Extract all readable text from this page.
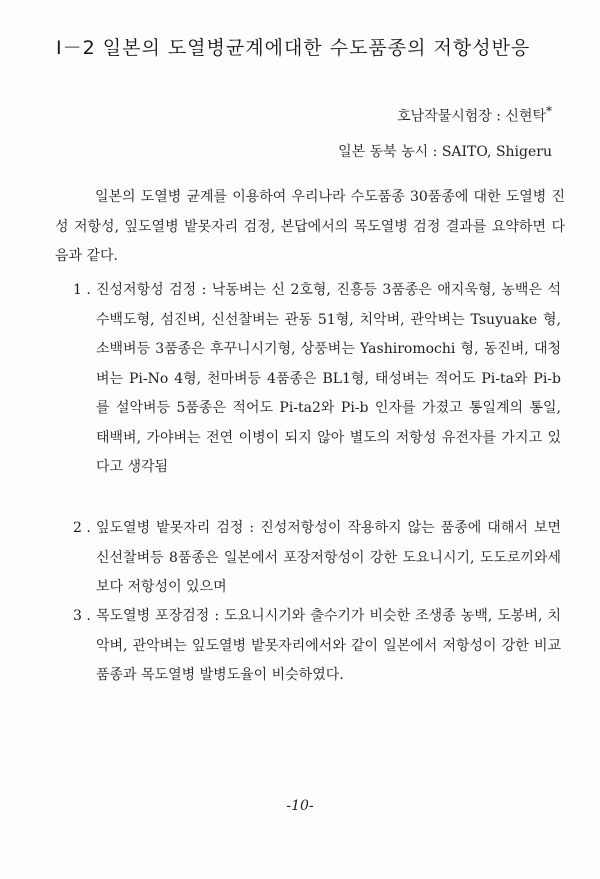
Ⅰ－2 일본의 도열병균계에대한 수도품종의 저항성반응
호남작물시험장 : 신현탁*
일본 동북 농시 : SAITO, Shigeru
일본의 도열병 균계를 이용하여 우리나라 수도품종 30품종에 대한 도열병 진성 저항성, 잎도열병 밭못자리 검정, 본답에서의 목도열병 검정 결과를 요약하면 다음과 같다.
1 . 진성저항성 검정 : 낙동벼는 신 2호형, 진흥등 3품종은 애지욱형, 농백은 석수백도형, 섬진벼, 신선찰벼는 관동 51형, 치악벼, 관악벼는 Tsuyuake 형, 소백벼등 3품종은 후꾸니시기형, 상풍벼는 Yashiromochi 형, 동진벼, 대청벼는 Pi-No 4형, 천마벼등 4품종은 BL1형, 태성벼는 적어도 Pi-ta와 Pi-b를 설악벼등 5품종은 적어도 Pi-ta2와 Pi-b 인자를 가졌고 통일계의 통일, 태백벼, 가야벼는 전연 이병이 되지 않아 별도의 저항성 유전자를 가지고 있다고 생각됨
2 . 잎도열병 밭못자리 검정 : 진성저항성이 작용하지 않는 품종에 대해서 보면 신선찰벼등 8품종은 일본에서 포장저항성이 강한 도요니시기, 도도로끼와세보다 저항성이 있으며
3 . 목도열병 포장검정 : 도요니시기와 출수기가 비슷한 조생종 농백, 도봉벼, 치악벼, 관악벼는 잎도열병 밭못자리에서와 같이 일본에서 저항성이 강한 비교품종과 목도열병 발병도율이 비슷하였다.
-10-
